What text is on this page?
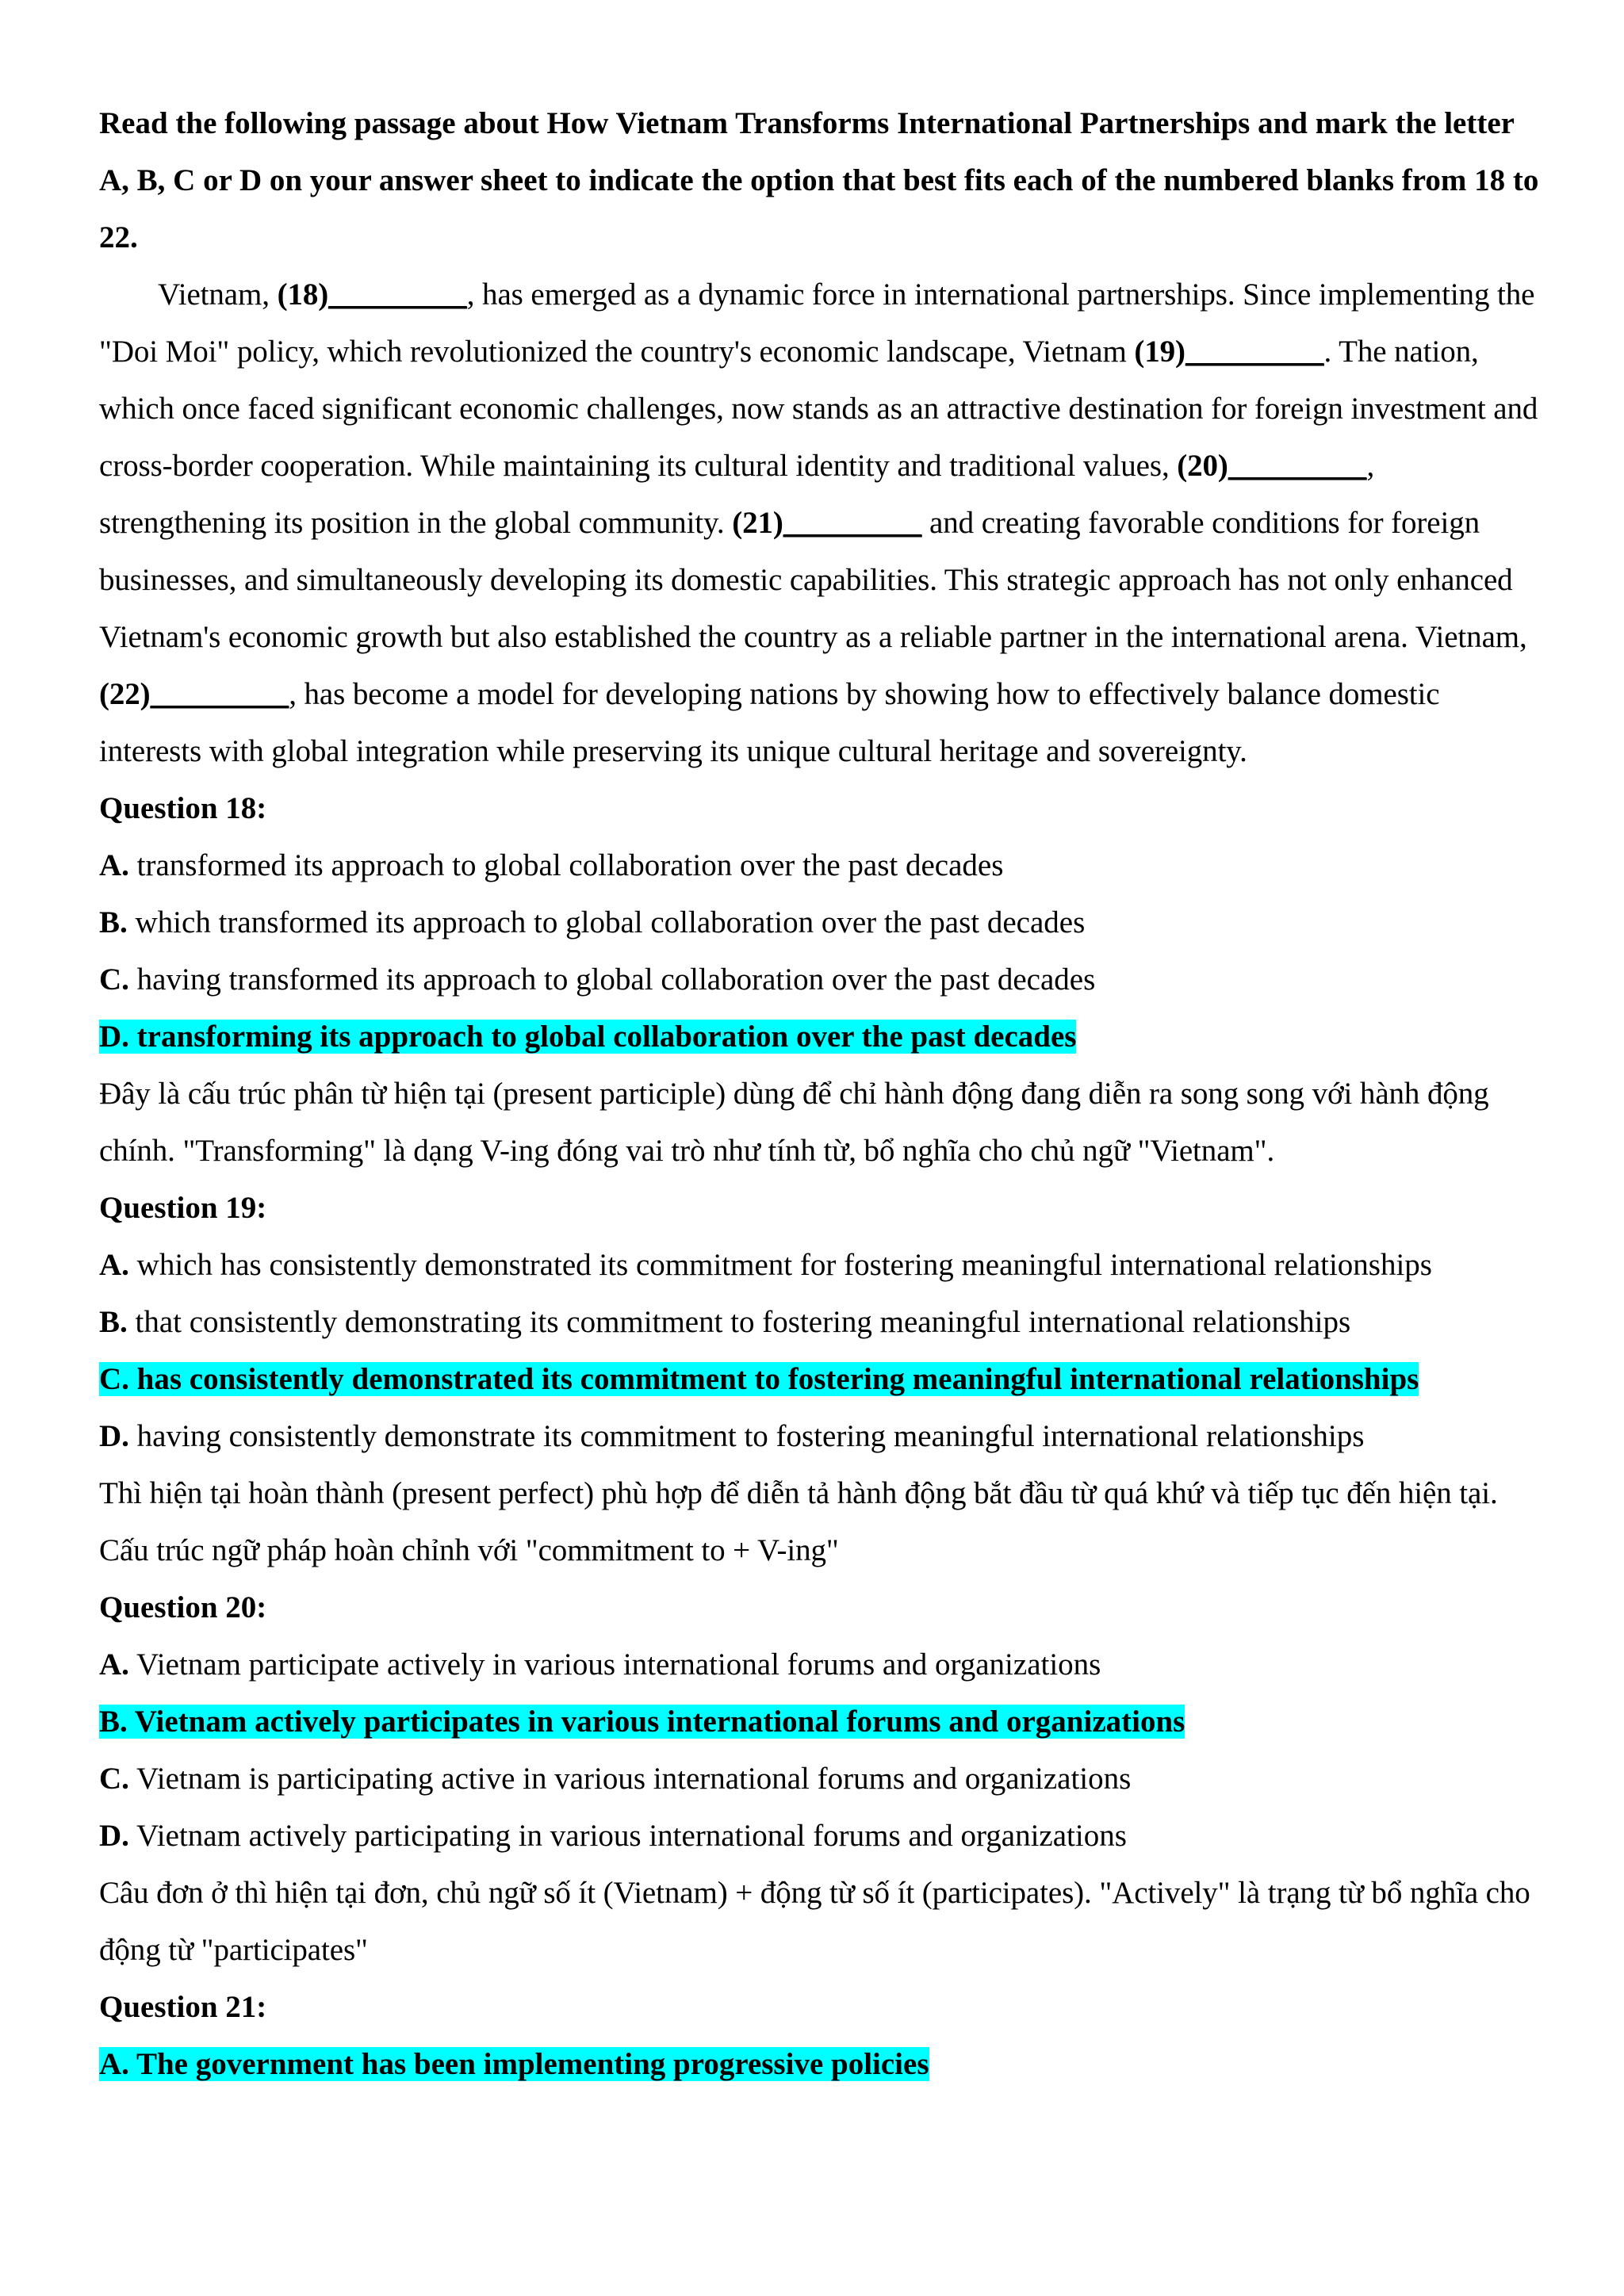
Read the following passage about How Vietnam Transforms International Partnerships and mark the letter A, B, C or D on your answer sheet to indicate the option that best fits each of the numbered blanks from 18 to 22.

Vietnam, (18)_________, has emerged as a dynamic force in international partnerships. Since implementing the "Doi Moi" policy, which revolutionized the country's economic landscape, Vietnam (19)_________. The nation, which once faced significant economic challenges, now stands as an attractive destination for foreign investment and cross-border cooperation. While maintaining its cultural identity and traditional values, (20)_________, strengthening its position in the global community. (21)_________ and creating favorable conditions for foreign businesses, and simultaneously developing its domestic capabilities. This strategic approach has not only enhanced Vietnam's economic growth but also established the country as a reliable partner in the international arena. Vietnam, (22)_________, has become a model for developing nations by showing how to effectively balance domestic interests with global integration while preserving its unique cultural heritage and sovereignty.

Question 18:
A. transformed its approach to global collaboration over the past decades
B. which transformed its approach to global collaboration over the past decades
C. having transformed its approach to global collaboration over the past decades
D. transforming its approach to global collaboration over the past decades

Đây là cấu trúc phân từ hiện tại (present participle) dùng để chỉ hành động đang diễn ra song song với hành động chính. "Transforming" là dạng V-ing đóng vai trò như tính từ, bổ nghĩa cho chủ ngữ "Vietnam".

Question 19:
A. which has consistently demonstrated its commitment for fostering meaningful international relationships
B. that consistently demonstrating its commitment to fostering meaningful international relationships
C. has consistently demonstrated its commitment to fostering meaningful international relationships
D. having consistently demonstrate its commitment to fostering meaningful international relationships

Thì hiện tại hoàn thành (present perfect) phù hợp để diễn tả hành động bắt đầu từ quá khứ và tiếp tục đến hiện tại. Cấu trúc ngữ pháp hoàn chỉnh với "commitment to + V-ing"

Question 20:
A. Vietnam participate actively in various international forums and organizations
B. Vietnam actively participates in various international forums and organizations
C. Vietnam is participating active in various international forums and organizations
D. Vietnam actively participating in various international forums and organizations

Câu đơn ở thì hiện tại đơn, chủ ngữ số ít (Vietnam) + động từ số ít (participates). "Actively" là trạng từ bổ nghĩa cho động từ "participates"

Question 21:
A. The government has been implementing progressive policies
